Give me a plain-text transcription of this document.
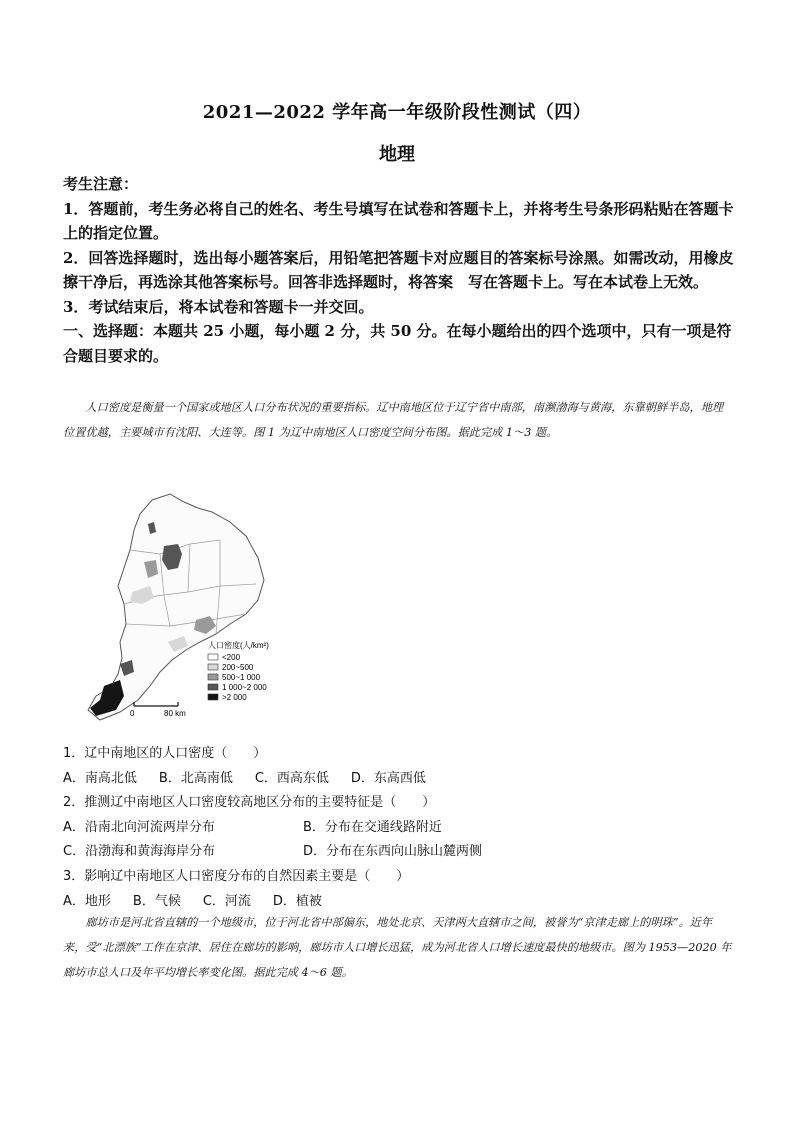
2021—2022 学年高一年级阶段性测试（四）
地理

考生注意：

1．答题前，考生务必将自己的姓名、考生号填写在试卷和答题卡上，并将考生号条形码粘贴在答题卡上的指定位置。

2．回答选择题时，选出每小题答案后，用铅笔把答题卡对应题目的答案标号涂黑。如需改动，用橡皮擦干净后，再选涂其他答案标号。回答非选择题时，将答案　写在答题卡上。写在本试卷上无效。

3．考试结束后，将本试卷和答题卡一并交回。

一、选择题：本题共 25 小题，每小题 2 分，共 50 分。在每小题给出的四个选项中，只有一项是符合题目要求的。

人口密度是衡量一个国家或地区人口分布状况的重要指标。辽中南地区位于辽宁省中南部，南濒渤海与黄海，东靠朝鲜半岛，地理位置优越，主要城市有沈阳、大连等。图 1 为辽中南地区人口密度空间分布图。据此完成 1～3 题。
0	80 km
人口密度(人/km²)
<200
200~500
500~1 000
1 000~2 000
>2 000
1．辽中南地区的人口密度（　　）
A．南高北低 B．北高南低 C．西高东低 D．东高西低
2．推测辽中南地区人口密度较高地区分布的主要特征是（　　）
A．沿南北向河流两岸分布	B．分布在交通线路附近
C．沿渤海和黄海海岸分布	D．分布在东西向山脉山麓两侧
3．影响辽中南地区人口密度分布的自然因素主要是（　　）
A．地形 B．气候 C．河流 D．植被
廊坊市是河北省直辖的一个地级市，位于河北省中部偏东，地处北京、天津两大直辖市之间，被誉为“京津走廊上的明珠”。近年来，受“北漂族”工作在京津、居住在廊坊的影响，廊坊市人口增长迅猛，成为河北省人口增长速度最快的地级市。图为 1953—2020 年廊坊市总人口及年平均增长率变化图。据此完成 4～6 题。
